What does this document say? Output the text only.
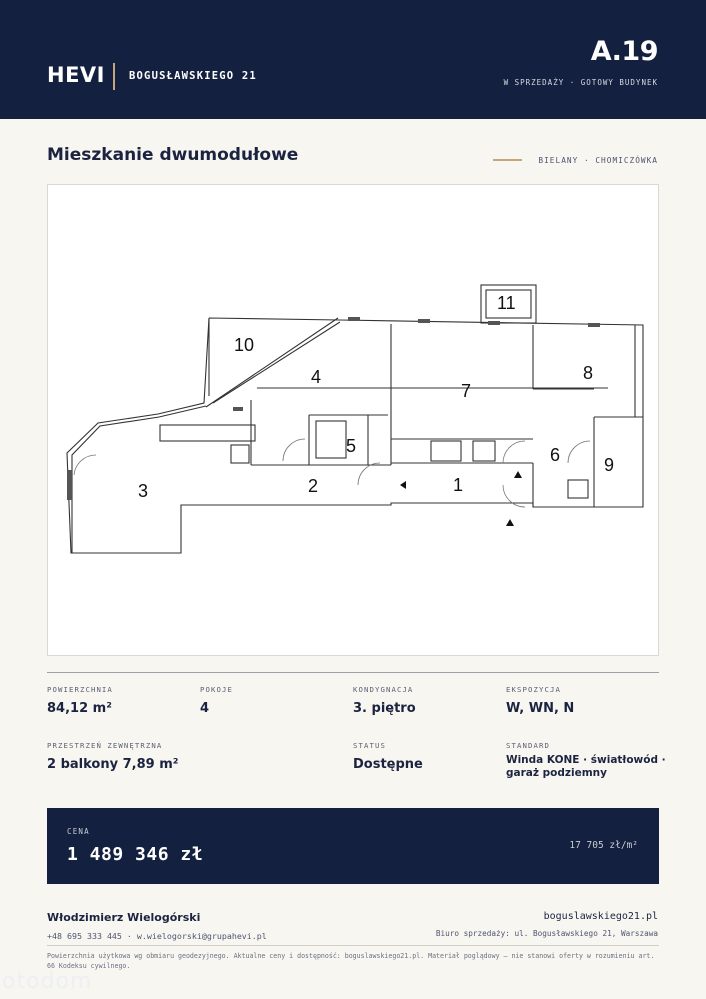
HEVI BOGUSŁAWSKIEGO 21
A.19
W SPRZEDAŻY · GOTOWY BUDYNEK
Mieszkanie dwumodułowe	BIELANY · CHOMICZÓWKA
1
2
3
4
5	6
7
8
9
10
11
POWIERZCHNIA
84,12 m²
POKOJE
4
KONDYGNACJA
3. piętro
EKSPOZYCJA
W, WN, N
PRZESTRZEŃ ZEWNĘTRZNA
2 balkony 7,89 m²
STATUS
Dostępne
STANDARD
Winda KONE · światłowód ·
garaż podziemny
CENA
1 489 346 zł	17 705 zł/m²
Włodzimierz Wielogórski
+48 695 333 445 · w.wielogorski@grupahevi.pl
boguslawskiego21.pl
Biuro sprzedaży: ul. Bogusławskiego 21, Warszawa
Powierzchnia użytkowa wg obmiaru geodezyjnego. Aktualne ceny i dostępność: boguslawskiego21.pl. Materiał poglądowy — nie stanowi oferty w rozumieniu art. 66 Kodeksu cywilnego.
otodom
